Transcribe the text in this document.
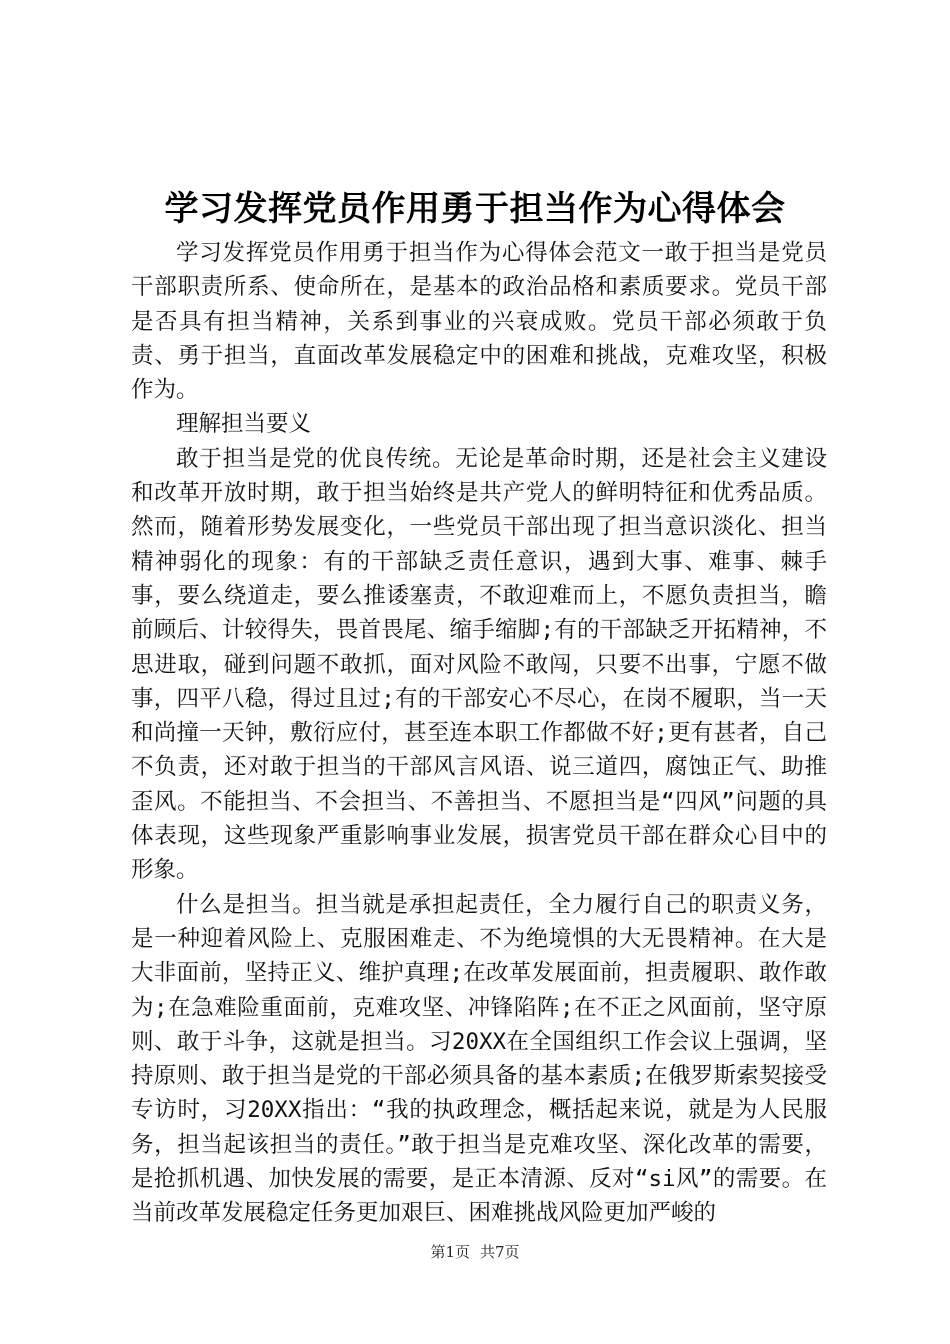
学习发挥党员作用勇于担当作为心得体会

学习发挥党员作用勇于担当作为心得体会范文一敢于担当是党员干部职责所系、使命所在，是基本的政治品格和素质要求。党员干部是否具有担当精神，关系到事业的兴衰成败。党员干部必须敢于负责、勇于担当，直面改革发展稳定中的困难和挑战，克难攻坚，积极作为。

理解担当要义

敢于担当是党的优良传统。无论是革命时期，还是社会主义建设和改革开放时期，敢于担当始终是共产党人的鲜明特征和优秀品质。然而，随着形势发展变化，一些党员干部出现了担当意识淡化、担当精神弱化的现象：有的干部缺乏责任意识，遇到大事、难事、棘手事，要么绕道走，要么推诿塞责，不敢迎难而上，不愿负责担当，瞻前顾后、计较得失，畏首畏尾、缩手缩脚;有的干部缺乏开拓精神，不思进取，碰到问题不敢抓，面对风险不敢闯，只要不出事，宁愿不做事，四平八稳，得过且过;有的干部安心不尽心，在岗不履职，当一天和尚撞一天钟，敷衍应付，甚至连本职工作都做不好;更有甚者，自己不负责，还对敢于担当的干部风言风语、说三道四，腐蚀正气、助推歪风。不能担当、不会担当、不善担当、不愿担当是“四风”问题的具体表现，这些现象严重影响事业发展，损害党员干部在群众心目中的形象。

什么是担当。担当就是承担起责任，全力履行自己的职责义务，是一种迎着风险上、克服困难走、不为绝境惧的大无畏精神。在大是大非面前，坚持正义、维护真理;在改革发展面前，担责履职、敢作敢为;在急难险重面前，克难攻坚、冲锋陷阵;在不正之风面前，坚守原则、敢于斗争，这就是担当。习20XX在全国组织工作会议上强调，坚持原则、敢于担当是党的干部必须具备的基本素质;在俄罗斯索契接受专访时，习20XX指出：“我的执政理念，概括起来说，就是为人民服务，担当起该担当的责任。”敢于担当是克难攻坚、深化改革的需要，是抢抓机遇、加快发展的需要，是正本清源、反对“si风”的需要。在当前改革发展稳定任务更加艰巨、困难挑战风险更加严峻的

第1页 共7页
